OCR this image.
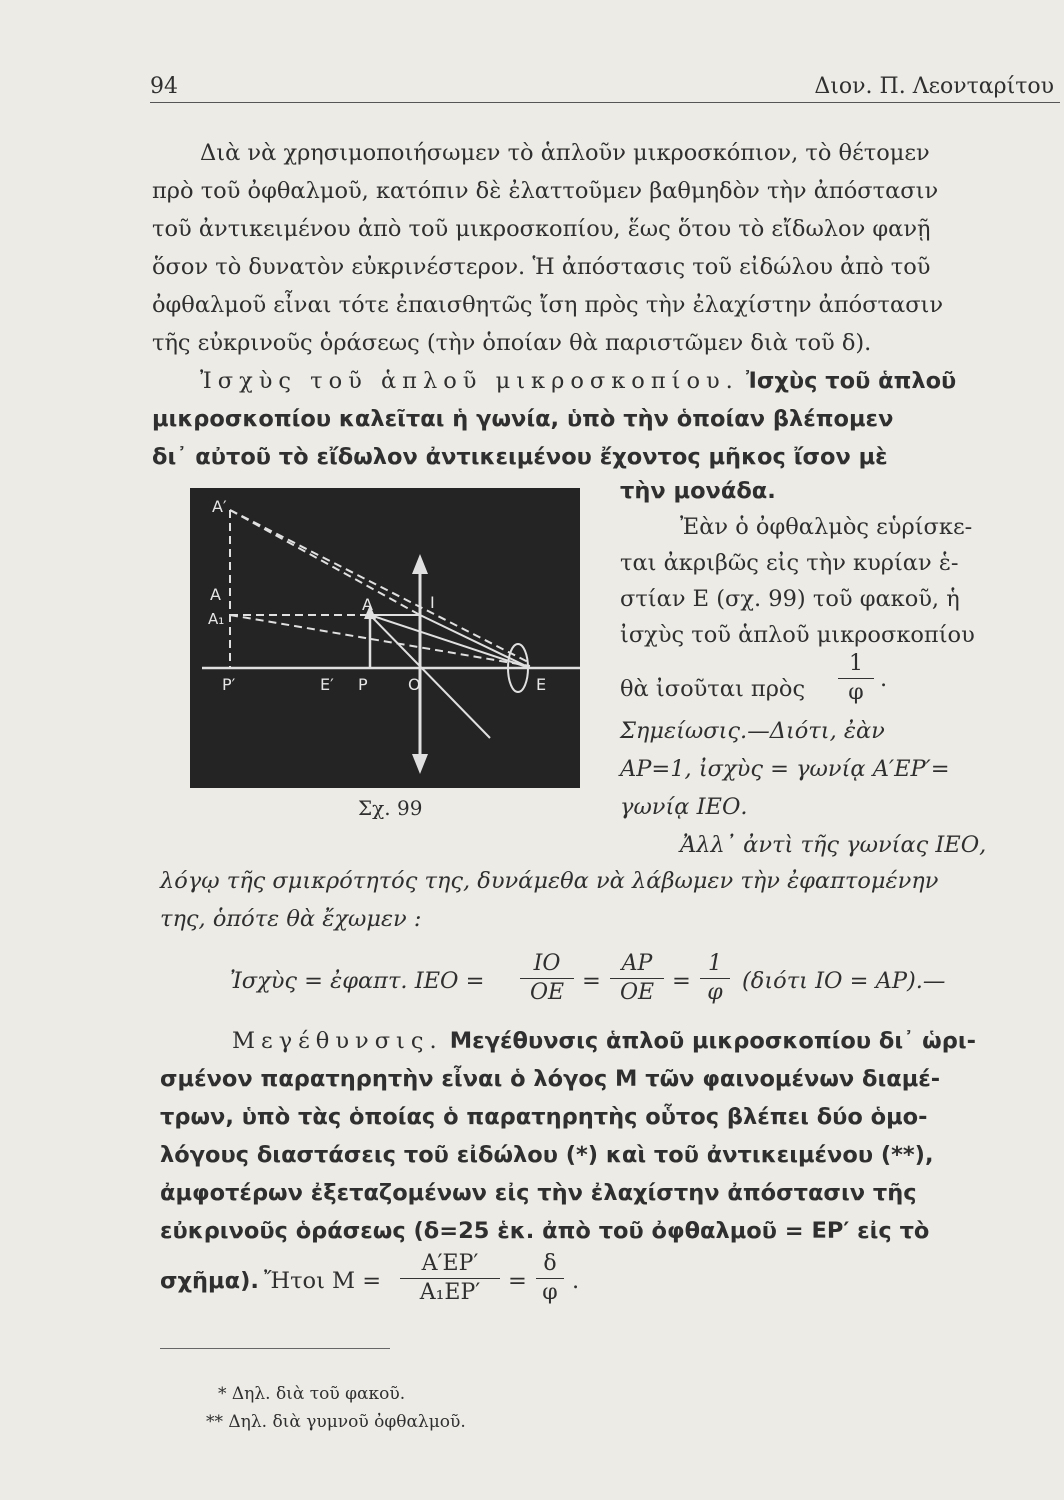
94	Διον. Π. Λεονταρίτου
Διὰ νὰ χρησιμοποιήσωμεν τὸ ἁπλοῦν μικροσκόπιον, τὸ θέτομεν
πρὸ τοῦ ὀφθαλμοῦ, κατόπιν δὲ ἐλαττοῦμεν βαθμηδὸν τὴν ἀπόστασιν
τοῦ ἀντικειμένου ἀπὸ τοῦ μικροσκοπίου, ἕως ὅτου τὸ εἴδωλον φανῇ
ὅσον τὸ δυνατὸν εὐκρινέστερον. Ἡ ἀπόστασις τοῦ εἰδώλου ἀπὸ τοῦ
ὀφθαλμοῦ εἶναι τότε ἐπαισθητῶς ἴση πρὸς τὴν ἐλαχίστην ἀπόστασιν
τῆς εὐκρινοῦς ὁράσεως (τὴν ὁποίαν θὰ παριστῶμεν διὰ τοῦ δ).
Ἰσχὺς τοῦ ἁπλοῦ μικροσκοπίου. Ἰσχὺς τοῦ ἁπλοῦ
μικροσκοπίου καλεῖται ἡ γωνία, ὑπὸ τὴν ὁποίαν βλέπομεν
δι᾽ αὐτοῦ τὸ εἴδωλον ἀντικειμένου ἔχοντος μῆκος ἴσον μὲ
τὴν μονάδα.
A′
A
A₁
A	I
P′	E′ P	O	E
Σχ. 99
Ἐὰν ὁ ὀφθαλμὸς εὑρίσκε-
ται ἀκριβῶς εἰς τὴν κυρίαν ἑ-
στίαν Ε (σχ. 99) τοῦ φακοῦ, ἡ
ἰσχὺς τοῦ ἁπλοῦ μικροσκοπίου
θὰ ἰσοῦται πρὸς $\frac{1}{\varphi}$ .
Σημείωσις.—Διότι, ἐὰν
ΑΡ=1, ἰσχὺς = γωνίᾳ Α′ΕΡ′=
γωνίᾳ ΙΕΟ.
Ἀλλ᾽ ἀντὶ τῆς γωνίας ΙΕΟ,
λόγῳ τῆς σμικρότητός της, δυνάμεθα νὰ λάβωμεν τὴν ἐφαπτομένην
της, ὁπότε θὰ ἔχωμεν :
Ἰσχὺς = ἐφαπτ. $IEO = \frac{IO}{OE} = \frac{AP}{OE} = \frac{1}{\varphi} (\delta\iota ό\tau\iota$ ΙΟ = ΑΡ).—
Μεγέθυνσις. Μεγέθυνσις ἁπλοῦ μικροσκοπίου δι᾽ ὡρι-
σμένον παρατηρητὴν εἶναι ὁ λόγος Μ τῶν φαινομένων διαμέ-
τρων, ὑπὸ τὰς ὁποίας ὁ παρατηρητὴς οὗτος βλέπει δύο ὁμο-
λόγους διαστάσεις τοῦ εἰδώλου (*) καὶ τοῦ ἀντικειμένου (**),
ἀμφοτέρων ἐξεταζομένων εἰς τὴν ἐλαχίστην ἀπόστασιν τῆς
εὐκρινοῦς ὁράσεως (δ=25 ἑκ. ἀπὸ τοῦ ὀφθαλμοῦ = ΕΡ′ εἰς τὸ
σχῆμα). Ἤτοι $M = \frac{A'EP'}{\text{Α₁ΕΡ′}} = \frac{\delta}{\varphi}$ .
* Δηλ. διὰ τοῦ φακοῦ.
** Δηλ. διὰ γυμνοῦ ὀφθαλμοῦ.
